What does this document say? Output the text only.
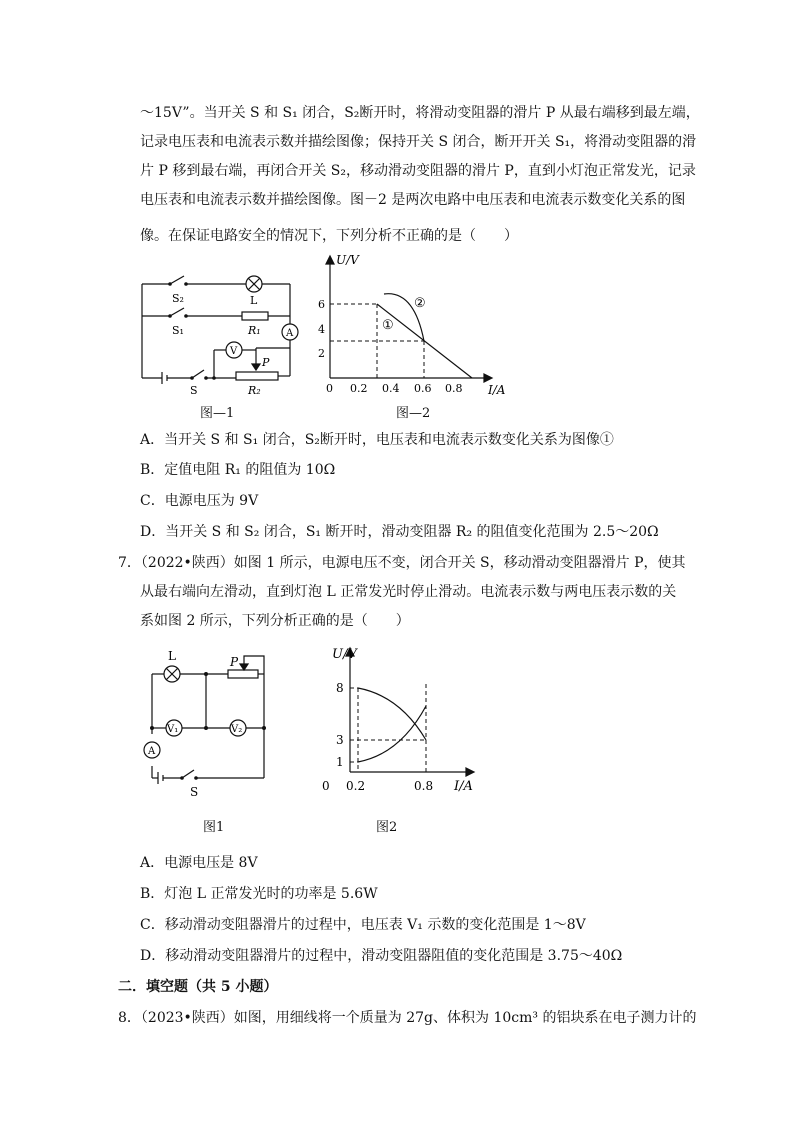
～15V”。当开关 S 和 S₁ 闭合，S₂断开时，将滑动变阻器的滑片 P 从最右端移到最左端，
记录电压表和电流表示数并描绘图像；保持开关 S 闭合，断开开关 S₁，将滑动变阻器的滑
片 P 移到最右端，再闭合开关 S₂，移动滑动变阻器的滑片 P，直到小灯泡正常发光，记录
电压表和电流表示数并描绘图像。图－2 是两次电路中电压表和电流表示数变化关系的图
像。在保证电路安全的情况下，下列分析不正确的是（　　）
S₂	L
S₁	R₁	A
V
P
R₂
S
图—1
U/V
I/A
0 0.2 0.4 0.6 0.8
2
4
6
①
②
图—2
A．当开关 S 和 S₁ 闭合，S₂断开时，电压表和电流表示数变化关系为图像①
B．定值电阻 R₁ 的阻值为 10Ω
C．电源电压为 9V
D．当开关 S 和 S₂ 闭合，S₁ 断开时，滑动变阻器 R₂ 的阻值变化范围为 2.5～20Ω
7．（2022•陕西）如图 1 所示，电源电压不变，闭合开关 S，移动滑动变阻器滑片 P，使其
从最右端向左滑动，直到灯泡 L 正常发光时停止滑动。电流表示数与两电压表示数的关
系如图 2 所示，下列分析正确的是（　　）
L	P
V₁	V₂
A
S
图1
U/V
I/A
0 0.2	0.8
1
3
8
图2
A．电源电压是 8V
B．灯泡 L 正常发光时的功率是 5.6W
C．移动滑动变阻器滑片的过程中，电压表 V₁ 示数的变化范围是 1～8V
D．移动滑动变阻器滑片的过程中，滑动变阻器阻值的变化范围是 3.75～40Ω
二．填空题（共 5 小题）
8．（2023•陕西）如图，用细线将一个质量为 27g、体积为 10cm³ 的铝块系在电子测力计的
